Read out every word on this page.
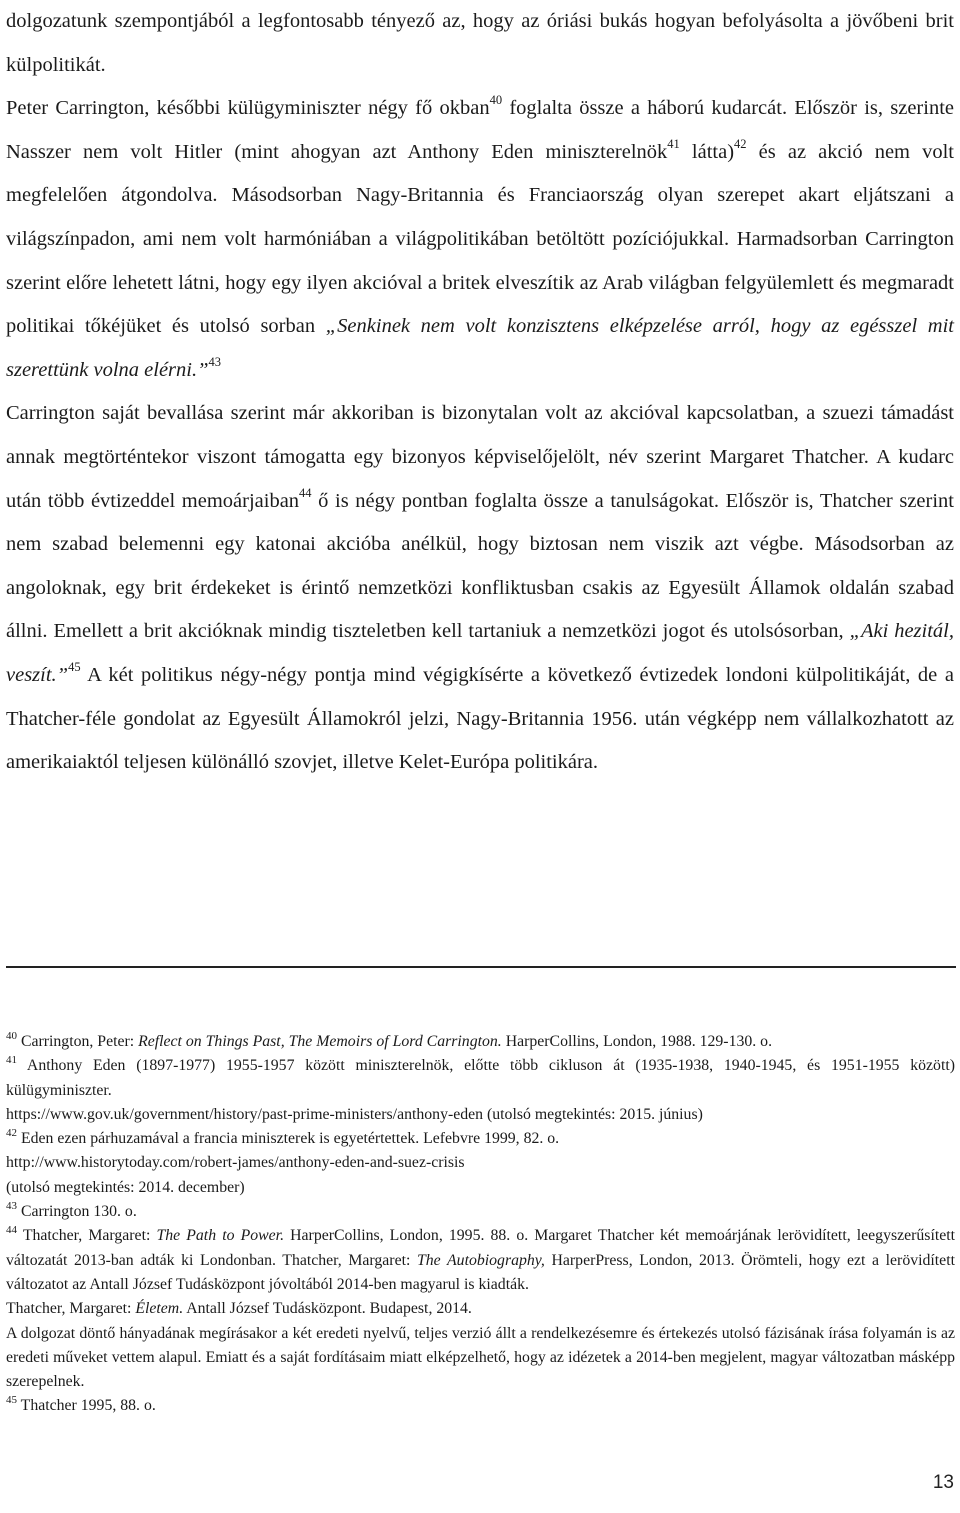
dolgozatunk szempontjából a legfontosabb tényező az, hogy az óriási bukás hogyan befolyásolta a jövőbeni brit külpolitikát.

Peter Carrington, későbbi külügyminiszter négy fő okban$^{40}$ foglalta össze a háború kudarcát. Először is, szerinte Nasszer nem volt Hitler (mint ahogyan azt Anthony Eden miniszterelnök$^{41}$ látta)$^{42}$ és az akció nem volt megfelelően átgondolva. Másodsorban Nagy-Britannia és Franciaország olyan szerepet akart eljátszani a világszínpadon, ami nem volt harmóniában a világpolitikában betöltött pozíciójukkal. Harmadsorban Carrington szerint előre lehetett látni, hogy egy ilyen akcióval a britek elveszítik az Arab világban felgyülemlett és megmaradt politikai tőkéjüket és utolsó sorban „Senkinek nem volt konzisztens elképzelése arról, hogy az egésszel mit szerettünk volna elérni.”$^{43}$

Carrington saját bevallása szerint már akkoriban is bizonytalan volt az akcióval kapcsolatban, a szuezi támadást annak megtörténtekor viszont támogatta egy bizonyos képviselőjelölt, név szerint Margaret Thatcher. A kudarc után több évtizeddel memoárjaiban$^{44}$ ő is négy pontban foglalta össze a tanulságokat. Először is, Thatcher szerint nem szabad belemenni egy katonai akcióba anélkül, hogy biztosan nem viszik azt végbe. Másodsorban az angoloknak, egy brit érdekeket is érintő nemzetközi konfliktusban csakis az Egyesült Államok oldalán szabad állni. Emellett a brit akcióknak mindig tiszteletben kell tartaniuk a nemzetközi jogot és utolsósorban, „Aki hezitál, veszít.”$^{45}$ A két politikus négy-négy pontja mind végigkísérte a következő évtizedek londoni külpolitikáját, de a Thatcher-féle gondolat az Egyesült Államokról jelzi, Nagy-Britannia 1956. után végképp nem vállalkozhatott az amerikaiaktól teljesen különálló szovjet, illetve Kelet-Európa politikára.

$^{40}$ Carrington, Peter: Reflect on Things Past, The Memoirs of Lord Carrington. HarperCollins, London, 1988. 129-130. o.

$^{41}$ Anthony Eden (1897-1977) 1955-1957 között miniszterelnök, előtte több cikluson át (1935-1938, 1940-1945, és 1951-1955 között) külügyminiszter.
https://www.gov.uk/government/history/past-prime-ministers/anthony-eden (utolsó megtekintés: 2015. június)

$^{42}$ Eden ezen párhuzamával a francia miniszterek is egyetértettek. Lefebvre 1999, 82. o.
http://www.historytoday.com/robert-james/anthony-eden-and-suez-crisis
(utolsó megtekintés: 2014. december)

$^{43}$ Carrington 130. o.

$^{44}$ Thatcher, Margaret: The Path to Power. HarperCollins, London, 1995. 88. o. Margaret Thatcher két memoárjának lerövidített, leegyszerűsített változatát 2013-ban adták ki Londonban. Thatcher, Margaret: The Autobiography, HarperPress, London, 2013. Örömteli, hogy ezt a lerövidített változatot az Antall József Tudásközpont jóvoltából 2014-ben magyarul is kiadták.
Thatcher, Margaret: Életem. Antall József Tudásközpont. Budapest, 2014.
A dolgozat döntő hányadának megírásakor a két eredeti nyelvű, teljes verzió állt a rendelkezésemre és értekezés utolsó fázisának írása folyamán is az eredeti műveket vettem alapul. Emiatt és a saját fordításaim miatt elképzelhető, hogy az idézetek a 2014-ben megjelent, magyar változatban másképp szerepelnek.

$^{45}$ Thatcher 1995, 88. o.

13
